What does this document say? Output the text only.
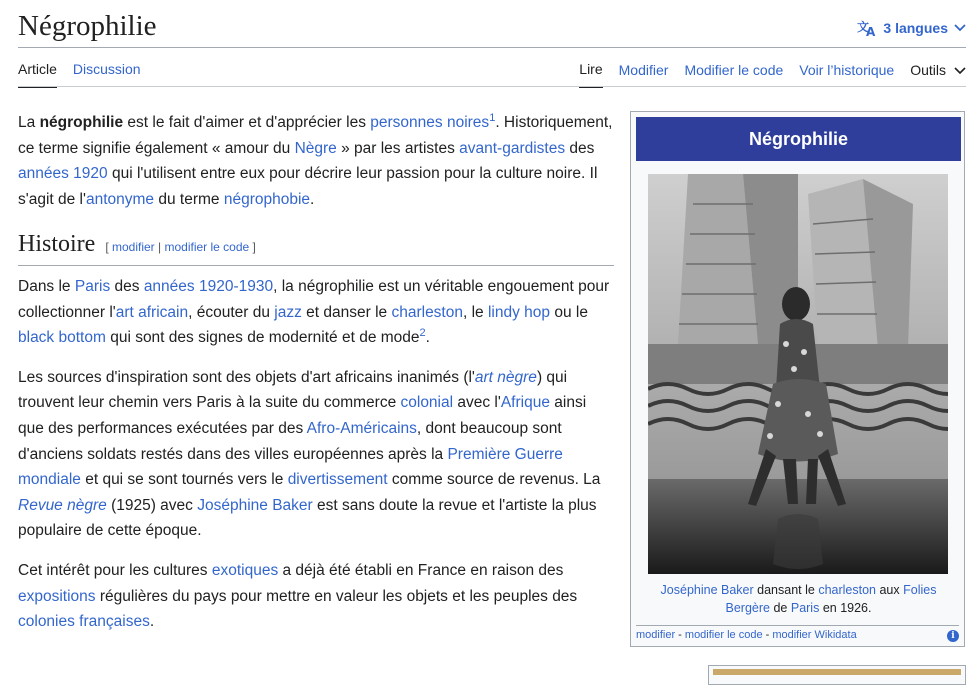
Négrophilie	文
A 3 langues
Article Discussion	Lire Modifier Modifier le code Voir l’historique Outils

La négrophilie est le fait d'aimer et d'apprécier les personnes noires$^1$. Historiquement, ce terme signifie également « amour du Nègre » par les artistes avant-gardistes des années 1920 qui l'utilisent entre eux pour décrire leur passion pour la culture noire. Il s'agit de l'antonyme du terme négrophobie.

Histoire [ modifier | modifier le code ]

Dans le Paris des années 1920-1930, la négrophilie est un véritable engouement pour collectionner l'art africain, écouter du jazz et danser le charleston, le lindy hop ou le black bottom qui sont des signes de modernité et de mode$^2$.

Les sources d'inspiration sont des objets d'art africains inanimés (l'art nègre) qui trouvent leur chemin vers Paris à la suite du commerce colonial avec l'Afrique ainsi que des performances exécutées par des Afro-Américains, dont beaucoup sont d'anciens soldats restés dans des villes européennes après la Première Guerre mondiale et qui se sont tournés vers le divertissement comme source de revenus. La Revue nègre (1925) avec Joséphine Baker est sans doute la revue et l'artiste la plus populaire de cette époque.

Cet intérêt pour les cultures exotiques a déjà été établi en France en raison des expositions régulières du pays pour mettre en valeur les objets et les peuples des colonies françaises.

Négrophilie
Joséphine Baker dansant le charleston aux Folies Bergère de Paris en 1926.
modifier - modifier le code - modifier Wikidata	i
